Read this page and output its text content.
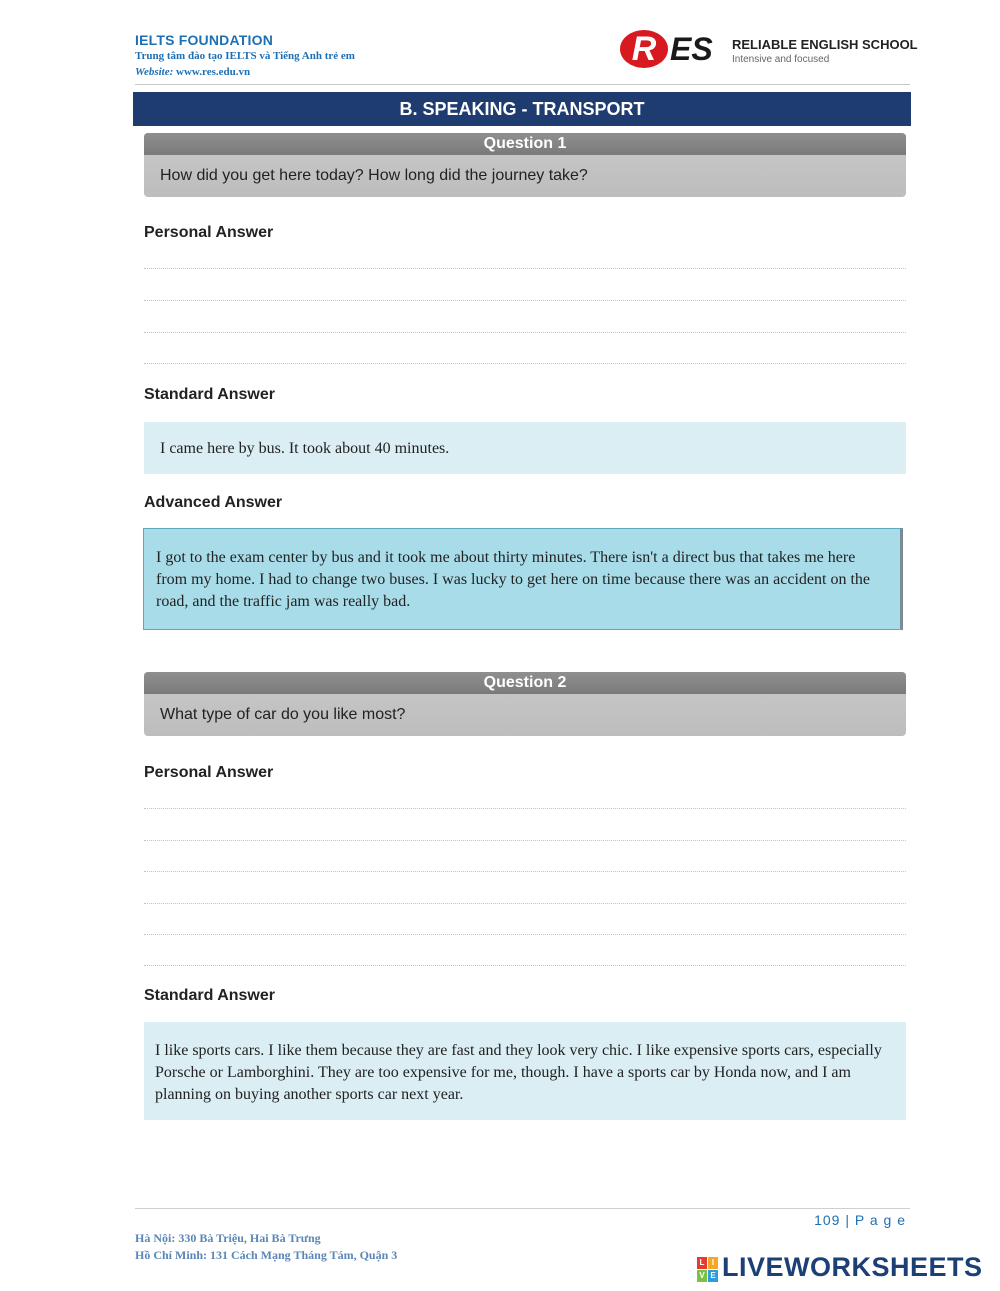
IELTS FOUNDATION
Trung tâm đào tạo IELTS và Tiếng Anh trẻ em
Website: www.res.edu.vn
R ES RELIABLE ENGLISH SCHOOL
Intensive and focused
B. SPEAKING - TRANSPORT
Question 1
How did you get here today? How long did the journey take?
Personal Answer
Standard Answer
I came here by bus. It took about 40 minutes.
Advanced Answer
I got to the exam center by bus and it took me about thirty minutes. There isn't a direct bus that takes me here from my home. I had to change two buses. I was lucky to get here on time because there was an accident on the road, and the traffic jam was really bad.
Question 2
What type of car do you like most?
Personal Answer
Standard Answer
I like sports cars. I like them because they are fast and they look very chic. I like expensive sports cars, especially Porsche or Lamborghini. They are too expensive for me, though. I have a sports car by Honda now, and I am planning on buying another sports car next year.
109 | P a g e
Hà Nội: 330 Bà Triệu, Hai Bà Trưng
Hồ Chí Minh: 131 Cách Mạng Tháng Tám, Quận 3
L I
V E LIVEWORKSHEETS
